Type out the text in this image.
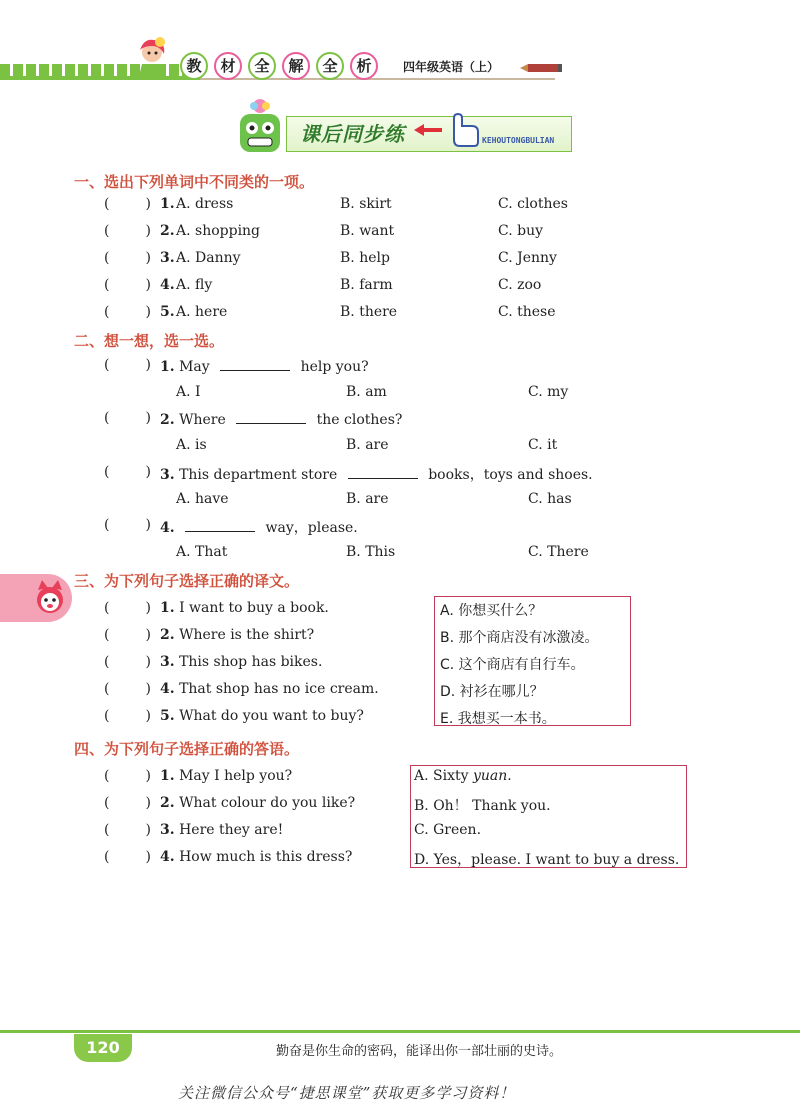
教	材	全	解	全	析	四年级英语（上）
课后同步练	KEHOUTONGBULIAN
一、选出下列单词中不同类的一项。
(	) 1. A. dress	B. skirt	C. clothes
(	) 2. A. shopping	B. want	C. buy
(	) 3. A. Danny	B. help	C. Jenny
(	) 4. A. fly	B. farm	C. zoo
(	) 5. A. here	B. there	C. these
二、想一想，选一选。
(	) 1. May	help you?
A. I	B. am	C. my
(	) 2. Where	the clothes?
A. is	B. are	C. it
(	) 3. This department store	books，toys and shoes.
A. have	B. are	C. has
(	) 4.	way，please.
A. That	B. This	C. There
三、为下列句子选择正确的译文。
(	) 1. I want to buy a book.
(	) 2. Where is the shirt?
(	) 3. This shop has bikes.
(	) 4. That shop has no ice cream.
(	) 5. What do you want to buy?
A. 你想买什么？
B. 那个商店没有冰激凌。
C. 这个商店有自行车。
D. 衬衫在哪儿？
E. 我想买一本书。
四、为下列句子选择正确的答语。
(	) 1. May I help you?
(	) 2. What colour do you like?
(	) 3. Here they are!
(	) 4. How much is this dress?
A. Sixty yuan.
B. Oh！ Thank you.
C. Green.
D. Yes，please. I want to buy a dress.
120	勤奋是你生命的密码，能译出你一部壮丽的史诗。
关注微信公众号“捷思课堂”获取更多学习资料！
